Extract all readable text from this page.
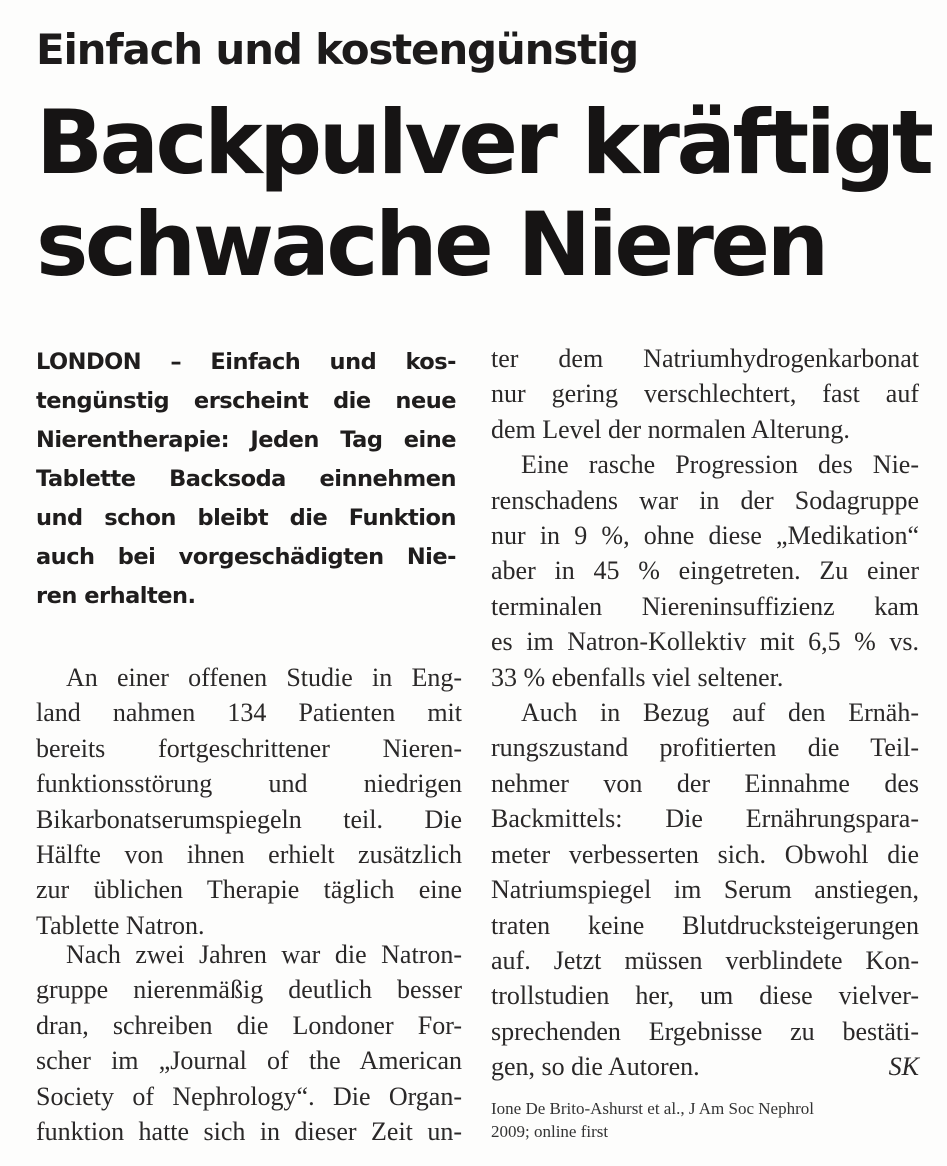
Einfach und kostengünstig
Backpulver kräftigt
schwache Nieren
LONDON – Einfach und kos-
tengünstig erscheint die neue
Nierentherapie: Jeden Tag eine
Tablette Backsoda einnehmen
und schon bleibt die Funktion
auch bei vorgeschädigten Nie-
ren erhalten.
An einer offenen Studie in Eng-
land nahmen 134 Patienten mit
bereits fortgeschrittener Nieren-
funktionsstörung und niedrigen
Bikarbonatserumspiegeln teil. Die
Hälfte von ihnen erhielt zusätzlich
zur üblichen Therapie täglich eine
Tablette Natron.
Nach zwei Jahren war die Natron-
gruppe nierenmäßig deutlich besser
dran, schreiben die Londoner For-
scher im „Journal of the American
Society of Nephrology“. Die Organ-
funktion hatte sich in dieser Zeit un-
ter dem Natriumhydrogenkarbonat
nur gering verschlechtert, fast auf
dem Level der normalen Alterung.
Eine rasche Progression des Nie-
renschadens war in der Sodagruppe
nur in 9 %, ohne diese „Medikation“
aber in 45 % eingetreten. Zu einer
terminalen Niereninsuffizienz kam
es im Natron-Kollektiv mit 6,5 % vs.
33 % ebenfalls viel seltener.
Auch in Bezug auf den Ernäh-
rungszustand profitierten die Teil-
nehmer von der Einnahme des
Backmittels: Die Ernährungspara-
meter verbesserten sich. Obwohl die
Natriumspiegel im Serum anstiegen,
traten keine Blutdrucksteigerungen
auf. Jetzt müssen verblindete Kon-
trollstudien her, um diese vielver-
sprechenden Ergebnisse zu bestäti-
gen, so die Autoren.	SK
Ione De Brito-Ashurst et al., J Am Soc Nephrol
2009; online first
